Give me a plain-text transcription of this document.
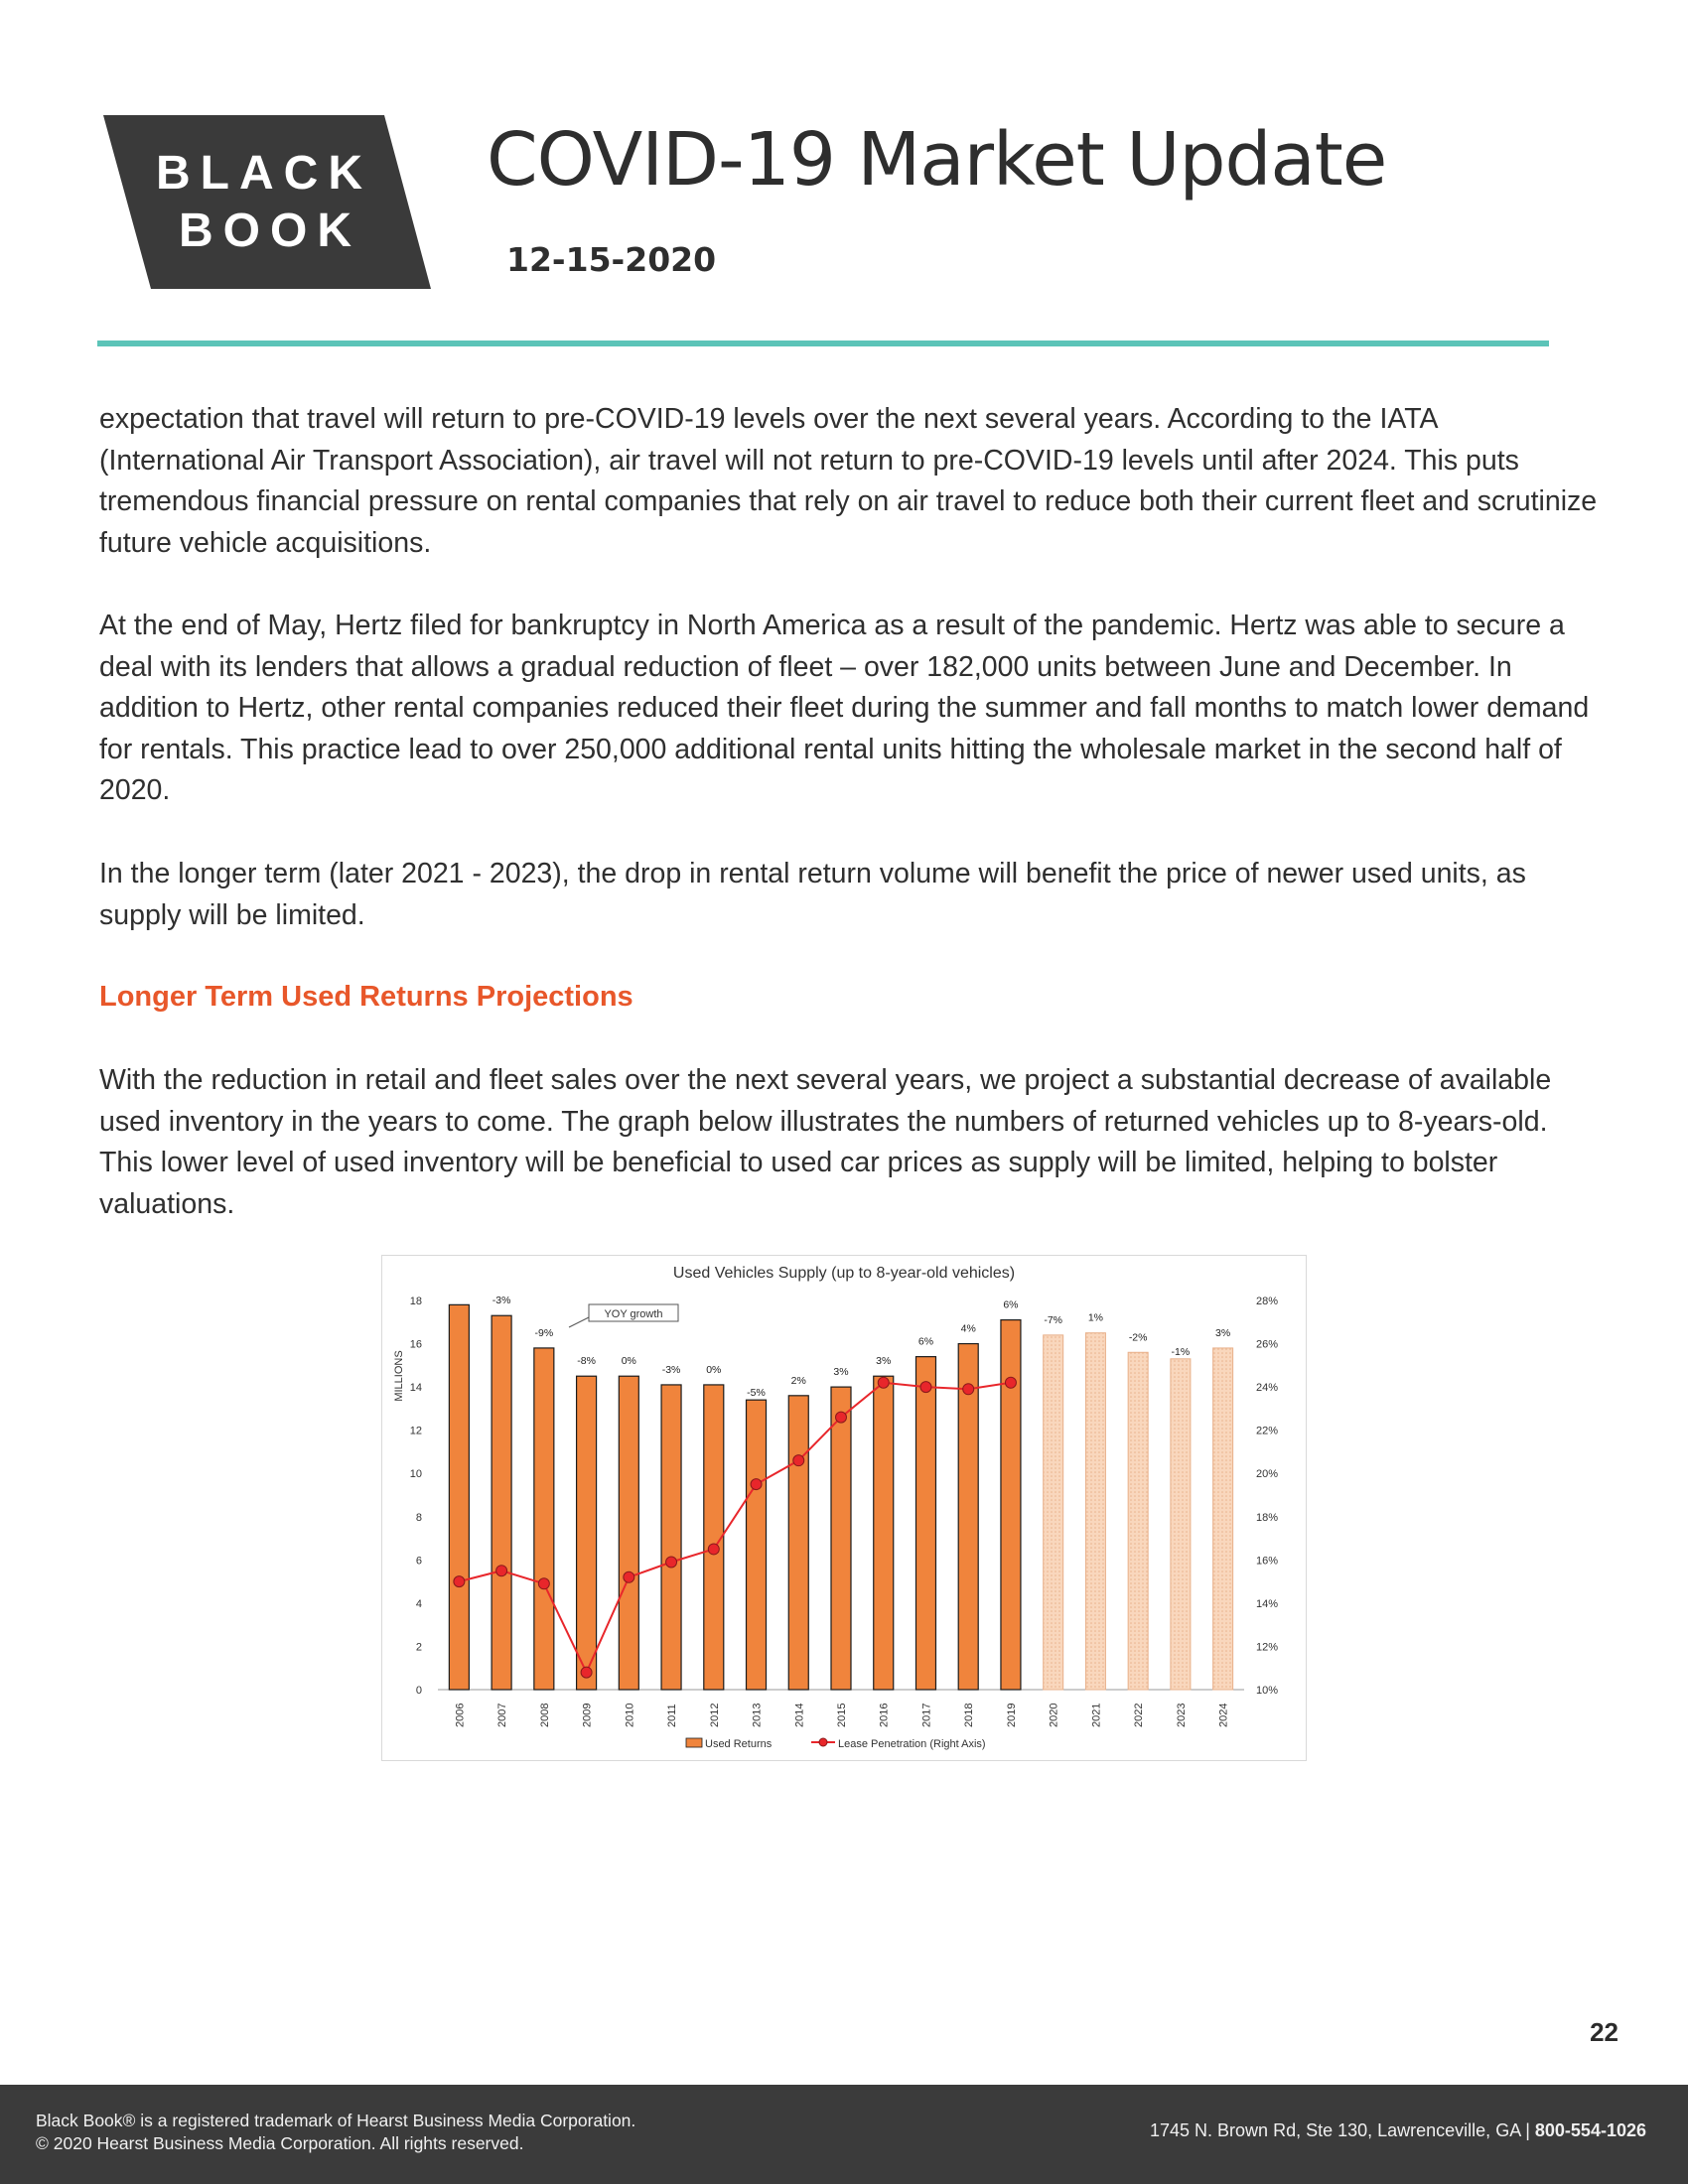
BLACK
BOOK
COVID-19 Market Update
12-15-2020

expectation that travel will return to pre-COVID-19 levels over the next several years. According to the IATA (International Air Transport Association), air travel will not return to pre-COVID-19 levels until after 2024. This puts tremendous financial pressure on rental companies that rely on air travel to reduce both their current fleet and scrutinize future vehicle acquisitions.

At the end of May, Hertz filed for bankruptcy in North America as a result of the pandemic. Hertz was able to secure a deal with its lenders that allows a gradual reduction of fleet – over 182,000 units between June and December. In addition to Hertz, other rental companies reduced their fleet during the summer and fall months to match lower demand for rentals. This practice lead to over 250,000 additional rental units hitting the wholesale market in the second half of 2020.

In the longer term (later 2021 - 2023), the drop in rental return volume will benefit the price of newer used units, as supply will be limited.

Longer Term Used Returns Projections

With the reduction in retail and fleet sales over the next several years, we project a substantial decrease of available used inventory in the years to come. The graph below illustrates the numbers of returned vehicles up to 8-years-old. This lower level of used inventory will be beneficial to used car prices as supply will be limited, helping to bolster valuations.

Used Vehicles Supply (up to 8-year-old vehicles)
0
2
4
6
8
10
12
14
16
18
MILLIONS
10%
12%
14%
16%
18%
20%
22%
24%
26%
28%
2006
-3%
2007
-9%
2008
-8%
2009
0%
2010
-3%
2011
0%
2012
-5%
2013
2%
2014
3%
2015
3%
2016
6%
2017
4%
2018
6%
2019
-7%
2020
1%
2021
-2%
2022
-1%
2023
3%
2024
YOY growth
Used Returns	Lease Penetration (Right Axis)
22
Black Book® is a registered trademark of Hearst Business Media Corporation.
© 2020 Hearst Business Media Corporation. All rights reserved.
1745 N. Brown Rd, Ste 130, Lawrenceville, GA | 800-554-1026
